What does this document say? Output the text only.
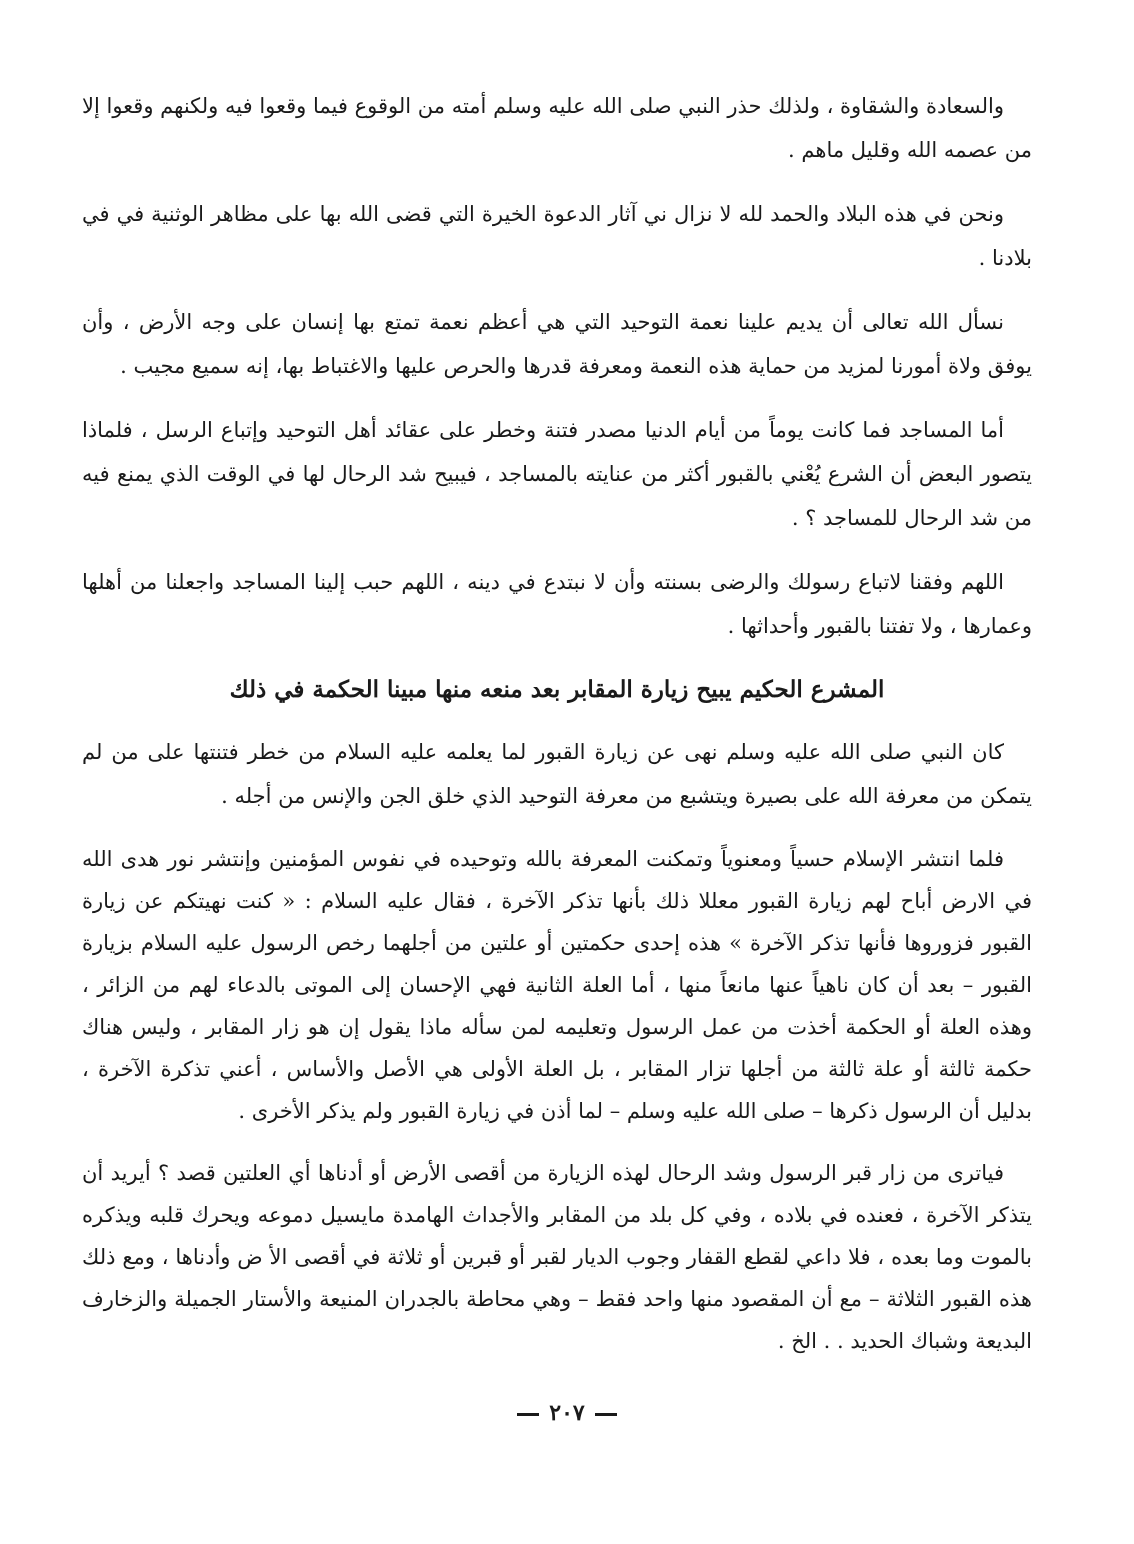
والسعادة والشقاوة ، ولذلك حذر النبي صلى الله عليه وسلم أمته من الوقوع فيما وقعوا فيه ولكنهم وقعوا إلا من عصمه الله وقليل ماهم .

ونحن في هذه البلاد والحمد لله لا نزال ني آثار الدعوة الخيرة التي قضى الله بها على مظاهر الوثنية في في بلادنا .

نسأل الله تعالى أن يديم علينا نعمة التوحيد التي هي أعظم نعمة تمتع بها إنسان على وجه الأرض ، وأن يوفق ولاة أمورنا لمزيد من حماية هذه النعمة ومعرفة قدرها والحرص عليها والاغتباط بها، إنه سميع مجيب .

أما المساجد فما كانت يوماً من أيام الدنيا مصدر فتنة وخطر على عقائد أهل التوحيد وإتباع الرسل ، فلماذا يتصور البعض أن الشرع يُعْني بالقبور أكثر من عنايته بالمساجد ، فيبيح شد الرحال لها في الوقت الذي يمنع فيه من شد الرحال للمساجد ؟ .

اللهم وفقنا لاتباع رسولك والرضى بسنته وأن لا نبتدع في دينه ، اللهم حبب إلينا المساجد واجعلنا من أهلها وعمارها ، ولا تفتنا بالقبور وأحداثها .

المشرع الحكيم يبيح زيارة المقابر بعد منعه منها مبينا الحكمة في ذلك

كان النبي صلى الله عليه وسلم نهى عن زيارة القبور لما يعلمه عليه السلام من خطر فتنتها على من لم يتمكن من معرفة الله على بصيرة ويتشبع من معرفة التوحيد الذي خلق الجن والإنس من أجله .

فلما انتشر الإسلام حسياً ومعنوياً وتمكنت المعرفة بالله وتوحيده في نفوس المؤمنين وإنتشر نور هدى الله في الارض أباح لهم زيارة القبور معللا ذلك بأنها تذكر الآخرة ، فقال عليه السلام : « كنت نهيتكم عن زيارة القبور فزوروها فأنها تذكر الآخرة » هذه إحدى حكمتين أو علتين من أجلهما رخص الرسول عليه السلام بزيارة القبور – بعد أن كان ناهياً عنها مانعاً منها ، أما العلة الثانية فهي الإحسان إلى الموتى بالدعاء لهم من الزائر ، وهذه العلة أو الحكمة أخذت من عمل الرسول وتعليمه لمن سأله ماذا يقول إن هو زار المقابر ، وليس هناك حكمة ثالثة أو علة ثالثة من أجلها تزار المقابر ، بل العلة الأولى هي الأصل والأساس ، أعني تذكرة الآخرة ، بدليل أن الرسول ذكرها – صلى الله عليه وسلم – لما أذن في زيارة القبور ولم يذكر الأخرى .

فياترى من زار قبر الرسول وشد الرحال لهذه الزيارة من أقصى الأرض أو أدناها أي العلتين قصد ؟ أيريد أن يتذكر الآخرة ، فعنده في بلاده ، وفي كل بلد من المقابر والأجداث الهامدة مايسيل دموعه ويحرك قلبه ويذكره بالموت وما بعده ، فلا داعي لقطع القفار وجوب الديار لقبر أو قبرين أو ثلاثة في أقصى الأ ض وأدناها ، ومع ذلك هذه القبور الثلاثة – مع أن المقصود منها واحد فقط – وهي محاطة بالجدران المنيعة والأستار الجميلة والزخارف البديعة وشباك الحديد . . الخ .

٢٠٧
